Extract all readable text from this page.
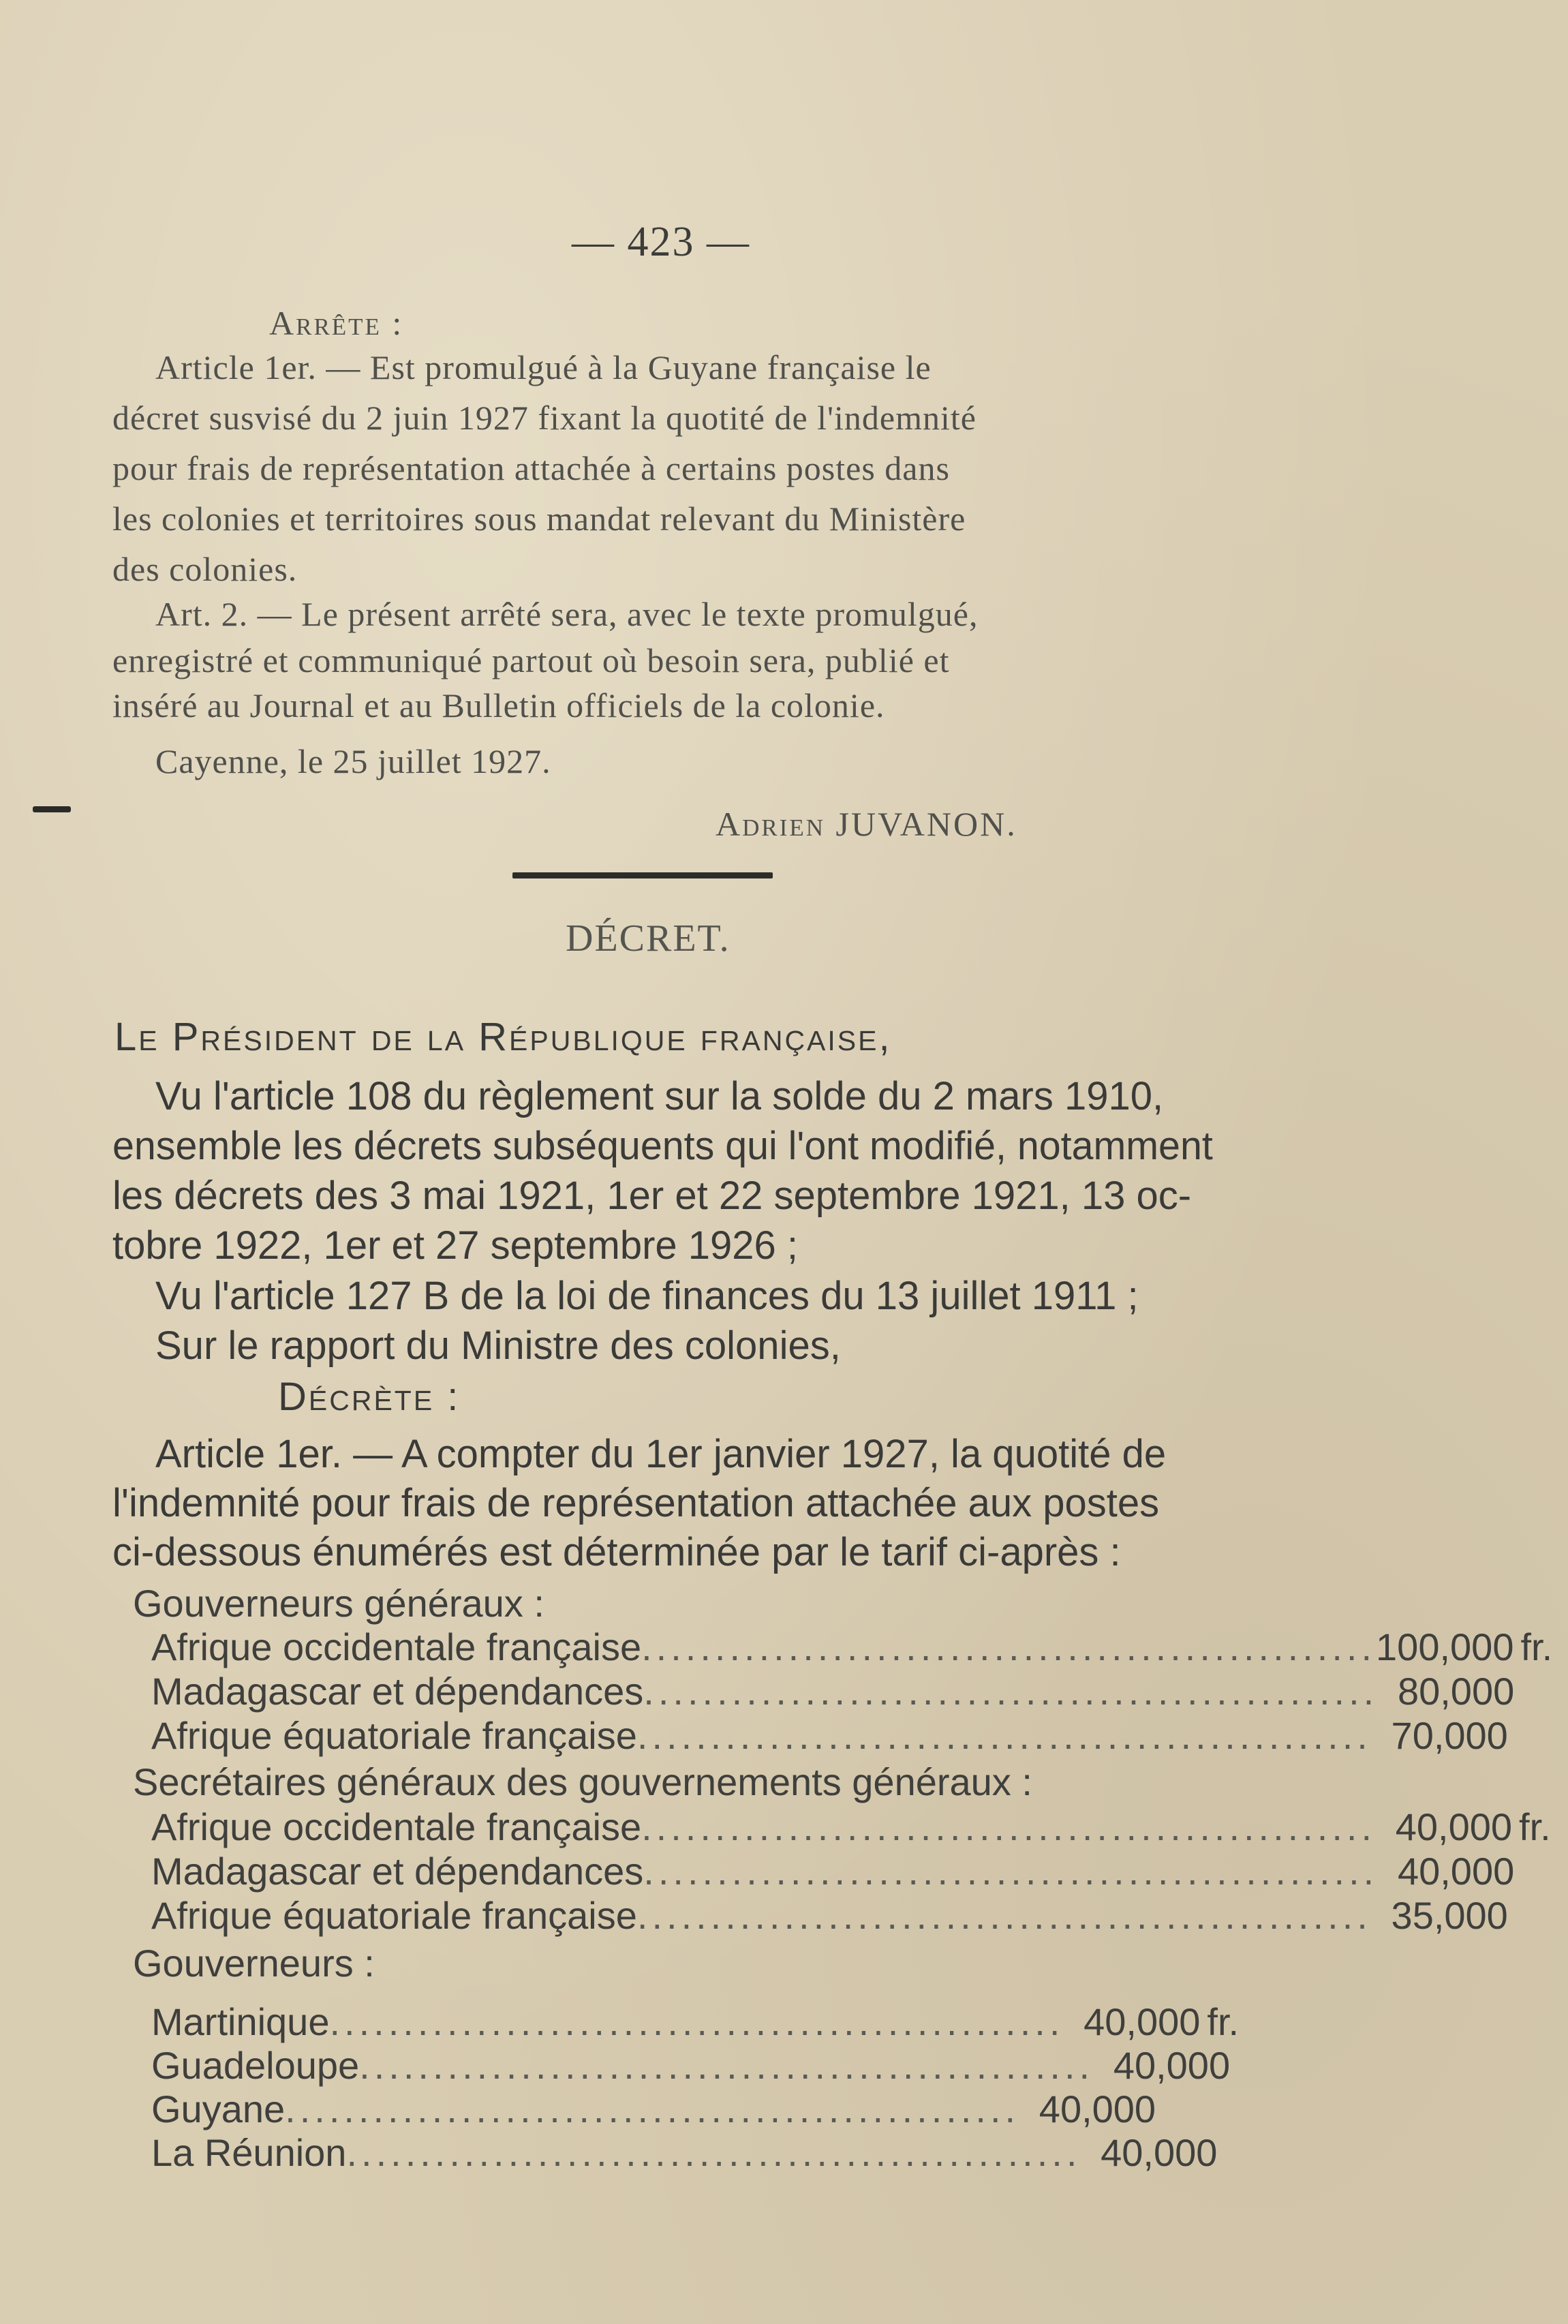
— 423 —
Arrête :
Article 1er. — Est promulgué à la Guyane française le
décret susvisé du 2 juin 1927 fixant la quotité de l'indemnité
pour frais de représentation attachée à certains postes dans
les colonies et territoires sous mandat relevant du Ministère
des colonies.
Art. 2. — Le présent arrêté sera, avec le texte promulgué,
enregistré et communiqué partout où besoin sera, publié et
inséré au Journal et au Bulletin officiels de la colonie.
Cayenne, le 25 juillet 1927.
Adrien JUVANON.
DÉCRET.
Le Président de la République française,
Vu l'article 108 du règlement sur la solde du 2 mars 1910,
ensemble les décrets subséquents qui l'ont modifié, notamment
les décrets des 3 mai 1921, 1er et 22 septembre 1921, 13 oc-
tobre 1922, 1er et 27 septembre 1926 ;
Vu l'article 127 B de la loi de finances du 13 juillet 1911 ;
Sur le rapport du Ministre des colonies,
Décrète :
Article 1er. — A compter du 1er janvier 1927, la quotité de
l'indemnité pour frais de représentation attachée aux postes
ci-dessous énumérés est déterminée par le tarif ci-après :
Gouverneurs généraux :
Afrique occidentale française .................................................. 100,000 fr.
Madagascar et dépendances .................................................. 80,000
Afrique équatoriale française .................................................. 70,000
Secrétaires généraux des gouvernements généraux :
Afrique occidentale française .................................................. 40,000 fr.
Madagascar et dépendances .................................................. 40,000
Afrique équatoriale française .................................................. 35,000
Gouverneurs :
Martinique .................................................. 40,000 fr.
Guadeloupe .................................................. 40,000
Guyane .................................................. 40,000
La Réunion .................................................. 40,000
